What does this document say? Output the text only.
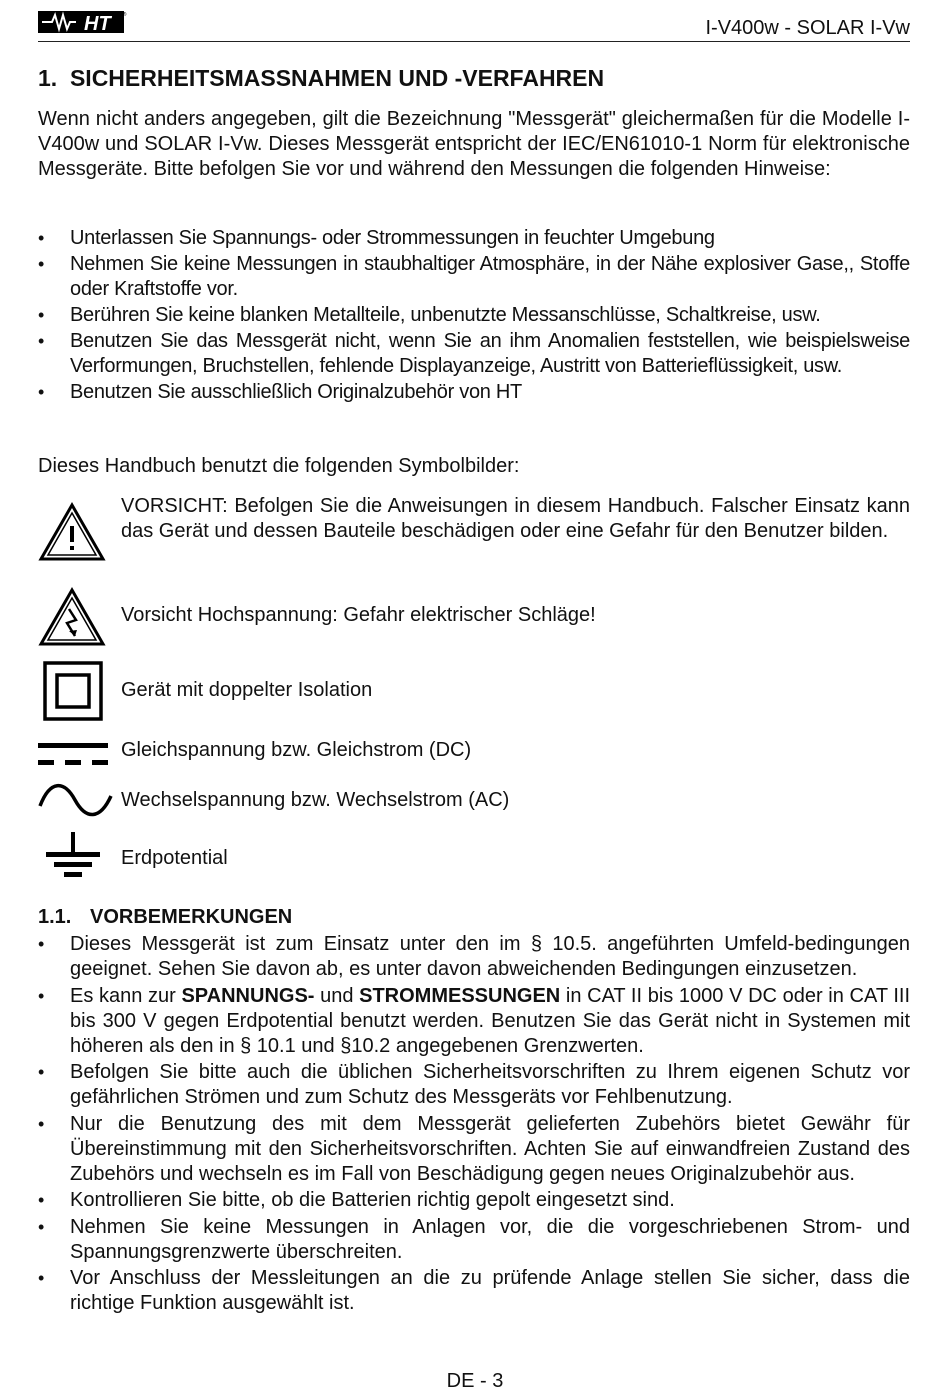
HT	®
I-V400w - SOLAR I-Vw
1. SICHERHEITSMASSNAHMEN UND -VERFAHREN
Wenn nicht anders angegeben, gilt die Bezeichnung "Messgerät" gleichermaßen für die Modelle I-V400w und SOLAR I-Vw. Dieses Messgerät entspricht der IEC/EN61010-1 Norm für elektronische Messgeräte. Bitte befolgen Sie vor und während den Messungen die folgenden Hinweise:
• Unterlassen Sie Spannungs- oder Strommessungen in feuchter Umgebung
• Nehmen Sie keine Messungen in staubhaltiger Atmosphäre, in der Nähe explosiver Gase,, Stoffe oder Kraftstoffe vor.
• Berühren Sie keine blanken Metallteile, unbenutzte Messanschlüsse, Schaltkreise, usw.
• Benutzen Sie das Messgerät nicht, wenn Sie an ihm Anomalien feststellen, wie beispielsweise Verformungen, Bruchstellen, fehlende Displayanzeige, Austritt von Batterieflüssigkeit, usw.
• Benutzen Sie ausschließlich Originalzubehör von HT
Dieses Handbuch benutzt die folgenden Symbolbilder:
VORSICHT: Befolgen Sie die Anweisungen in diesem Handbuch. Falscher Einsatz kann das Gerät und dessen Bauteile beschädigen oder eine Gefahr für den Benutzer bilden.
Vorsicht Hochspannung: Gefahr elektrischer Schläge!
Gerät mit doppelter Isolation
Gleichspannung bzw. Gleichstrom (DC)
Wechselspannung bzw. Wechselstrom (AC)
Erdpotential
1.1. VORBEMERKUNGEN
• Dieses Messgerät ist zum Einsatz unter den im § 10.5. angeführten Umfeld-bedingungen geeignet. Sehen Sie davon ab, es unter davon abweichenden Bedingungen einzusetzen.
• Es kann zur SPANNUNGS- und STROMMESSUNGEN in CAT II bis 1000 V DC oder in CAT III bis 300 V gegen Erdpotential benutzt werden. Benutzen Sie das Gerät nicht in Systemen mit höheren als den in § 10.1 und §10.2 angegebenen Grenzwerten.
• Befolgen Sie bitte auch die üblichen Sicherheitsvorschriften zu Ihrem eigenen Schutz vor gefährlichen Strömen und zum Schutz des Messgeräts vor Fehlbenutzung.
• Nur die Benutzung des mit dem Messgerät gelieferten Zubehörs bietet Gewähr für Übereinstimmung mit den Sicherheitsvorschriften. Achten Sie auf einwandfreien Zustand des Zubehörs und wechseln es im Fall von Beschädigung gegen neues Originalzubehör aus.
• Kontrollieren Sie bitte, ob die Batterien richtig gepolt eingesetzt sind.
• Nehmen Sie keine Messungen in Anlagen vor, die die vorgeschriebenen Strom- und Spannungsgrenzwerte überschreiten.
• Vor Anschluss der Messleitungen an die zu prüfende Anlage stellen Sie sicher, dass die richtige Funktion ausgewählt ist.
DE - 3
